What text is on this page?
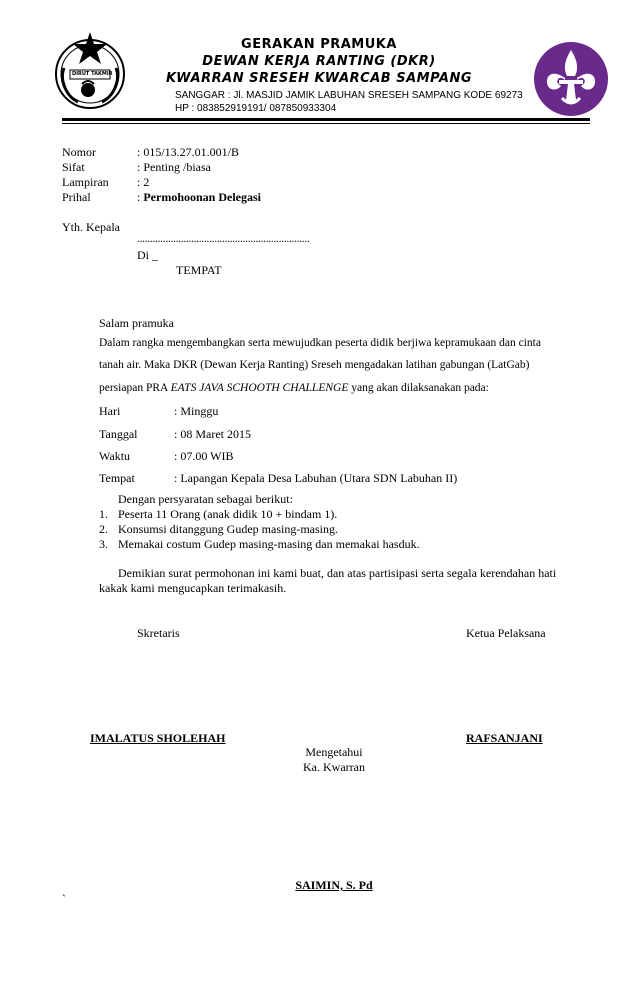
DIRUT TAKMIR
GERAKAN PRAMUKA
DEWAN KERJA RANTING (DKR)
KWARRAN SRESEH KWARCAB SAMPANG
SANGGAR : Jl. MASJID JAMIK LABUHAN SRESEH SAMPANG KODE 69273
HP : 083852919191/ 087850933304
Nomor	: 015/13.27.01.001/B
Sifat	: Penting /biasa
Lampiran : 2
Prihal	: Permohoonan Delegasi
Yth. Kepala
...................................................................
Di _
TEMPAT
Salam pramuka
Dalam rangka mengembangkan serta mewujudkan peserta didik berjiwa kepramukaan dan cinta
tanah air. Maka DKR (Dewan Kerja Ranting) Sreseh mengadakan latihan gabungan (LatGab)
persiapan PRA EATS JAVA SCHOOTH CHALLENGE yang akan dilaksanakan pada:
Hari	: Minggu
Tanggal	: 08 Maret 2015
Waktu	: 07.00 WIB
Tempat	: Lapangan Kepala Desa Labuhan (Utara SDN Labuhan II)
Dengan persyaratan sebagai berikut:
1. Peserta 11 Orang (anak didik 10 + bindam 1).
2. Konsumsi ditanggung Gudep masing-masing.
3. Memakai costum Gudep masing-masing dan memakai hasduk.
Demikian surat permohonan ini kami buat, dan atas partisipasi serta segala kerendahan hati
kakak kami mengucapkan terimakasih.
Skretaris	Ketua Pelaksana
IMALATUS SHOLEHAH	RAFSANJANI
Mengetahui
Ka. Kwarran
SAIMIN, S. Pd
`
